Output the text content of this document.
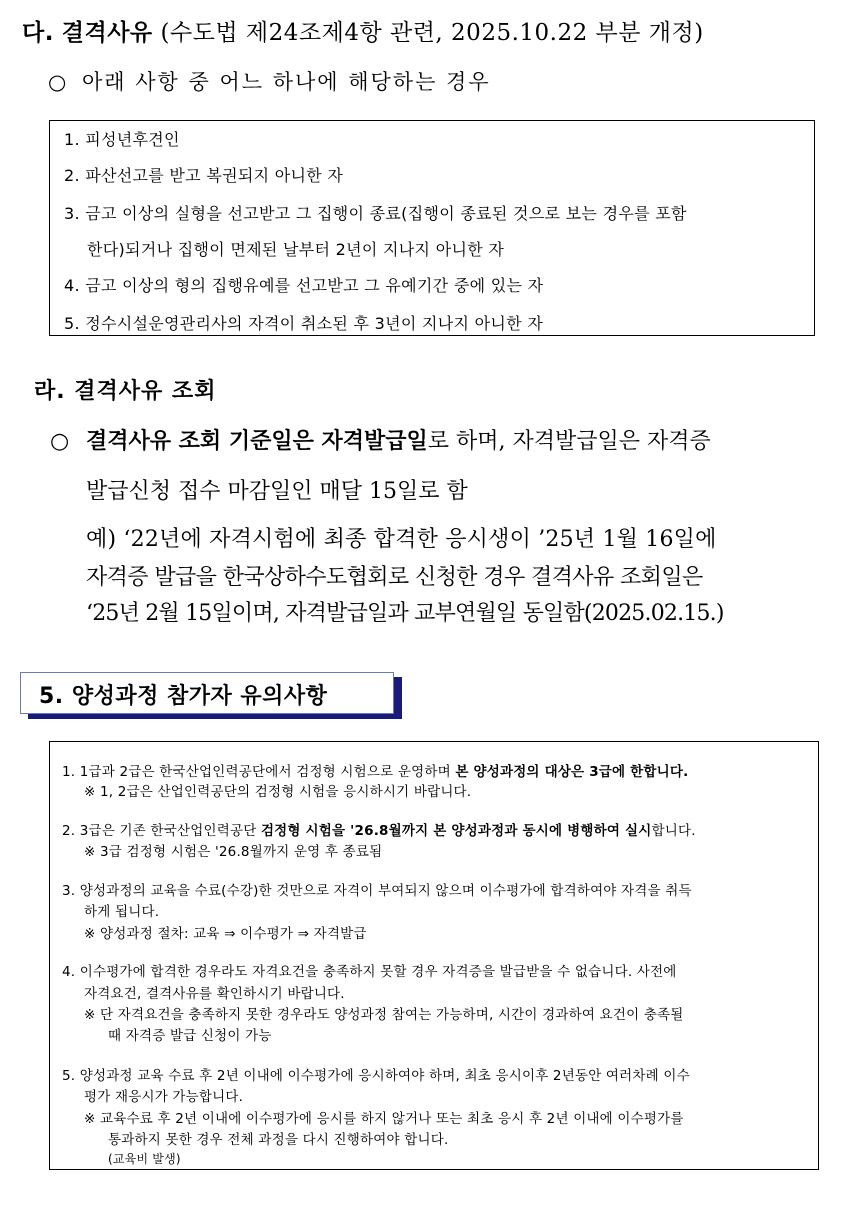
다. 결격사유 (수도법 제24조제4항 관련, 2025.10.22 부분 개정)
○ 아래 사항 중 어느 하나에 해당하는 경우
1. 피성년후견인
2. 파산선고를 받고 복권되지 아니한 자
3. 금고 이상의 실형을 선고받고 그 집행이 종료(집행이 종료된 것으로 보는 경우를 포함
한다)되거나 집행이 면제된 날부터 2년이 지나지 아니한 자
4. 금고 이상의 형의 집행유예를 선고받고 그 유예기간 중에 있는 자
5. 정수시설운영관리사의 자격이 취소된 후 3년이 지나지 아니한 자
라. 결격사유 조회
○ 결격사유 조회 기준일은 자격발급일로 하며, 자격발급일은 자격증
발급신청 접수 마감일인 매달 15일로 함
예) ‘22년에 자격시험에 최종 합격한 응시생이 ’25년 1월 16일에
자격증 발급을 한국상하수도협회로 신청한 경우 결격사유 조회일은
‘25년 2월 15일이며, 자격발급일과 교부연월일 동일함(2025.02.15.)
5. 양성과정 참가자 유의사항
1. 1급과 2급은 한국산업인력공단에서 검정형 시험으로 운영하며 본 양성과정의 대상은 3급에 한합니다.
※ 1, 2급은 산업인력공단의 검정형 시험을 응시하시기 바랍니다.
2. 3급은 기존 한국산업인력공단 검정형 시험을 '26.8월까지 본 양성과정과 동시에 병행하여 실시합니다.
※ 3급 검정형 시험은 '26.8월까지 운영 후 종료됨
3. 양성과정의 교육을 수료(수강)한 것만으로 자격이 부여되지 않으며 이수평가에 합격하여야 자격을 취득
하게 됩니다.
※ 양성과정 절차: 교육 ⇒ 이수평가 ⇒ 자격발급
4. 이수평가에 합격한 경우라도 자격요건을 충족하지 못할 경우 자격증을 발급받을 수 없습니다. 사전에
자격요건, 결격사유를 확인하시기 바랍니다.
※ 단 자격요건을 충족하지 못한 경우라도 양성과정 참여는 가능하며, 시간이 경과하여 요건이 충족될
때 자격증 발급 신청이 가능
5. 양성과정 교육 수료 후 2년 이내에 이수평가에 응시하여야 하며, 최초 응시이후 2년동안 여러차례 이수
평가 재응시가 가능합니다.
※ 교육수료 후 2년 이내에 이수평가에 응시를 하지 않거나 또는 최초 응시 후 2년 이내에 이수평가를
통과하지 못한 경우 전체 과정을 다시 진행하여야 합니다.
(교육비 발생)
